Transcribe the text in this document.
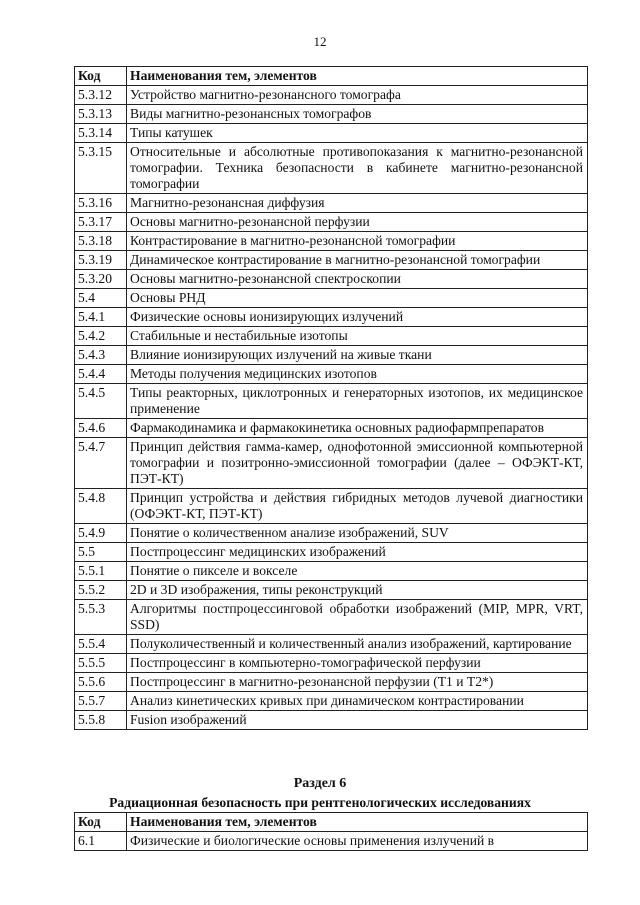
12
Код	Наименования тем, элементов
5.3.12	Устройство магнитно-резонансного томографа
5.3.13	Виды магнитно-резонансных томографов
5.3.14	Типы катушек
5.3.15	Относительные и абсолютные противопоказания к магнитно-резонансной томографии. Техника безопасности в кабинете магнитно-резонансной томографии
5.3.16	Магнитно-резонансная диффузия
5.3.17	Основы магнитно-резонансной перфузии
5.3.18	Контрастирование в магнитно-резонансной томографии
5.3.19	Динамическое контрастирование в магнитно-резонансной томографии
5.3.20	Основы магнитно-резонансной спектроскопии
5.4	Основы РНД
5.4.1	Физические основы ионизирующих излучений
5.4.2	Стабильные и нестабильные изотопы
5.4.3	Влияние ионизирующих излучений на живые ткани
5.4.4	Методы получения медицинских изотопов
5.4.5	Типы реакторных, циклотронных и генераторных изотопов, их медицинское применение
5.4.6	Фармакодинамика и фармакокинетика основных радиофармпрепаратов
5.4.7	Принцип действия гамма-камер, однофотонной эмиссионной компьютерной томографии и позитронно-эмиссионной томографии (далее – ОФЭКТ-КТ, ПЭТ-КТ)
5.4.8	Принцип устройства и действия гибридных методов лучевой диагностики (ОФЭКТ-КТ, ПЭТ-КТ)
5.4.9	Понятие о количественном анализе изображений, SUV
5.5	Постпроцессинг медицинских изображений
5.5.1	Понятие о пикселе и вокселе
5.5.2	2D и 3D изображения, типы реконструкций
5.5.3	Алгоритмы постпроцессинговой обработки изображений (MIP, MPR, VRT, SSD)
5.5.4	Полуколичественный и количественный анализ изображений, картирование
5.5.5	Постпроцессинг в компьютерно-томографической перфузии
5.5.6	Постпроцессинг в магнитно-резонансной перфузии (T1 и T2*)
5.5.7	Анализ кинетических кривых при динамическом контрастировании
5.5.8	Fusion изображений
Раздел 6
Радиационная безопасность при рентгенологических исследованиях
Код	Наименования тем, элементов
6.1	Физические и биологические основы применения излучений в
